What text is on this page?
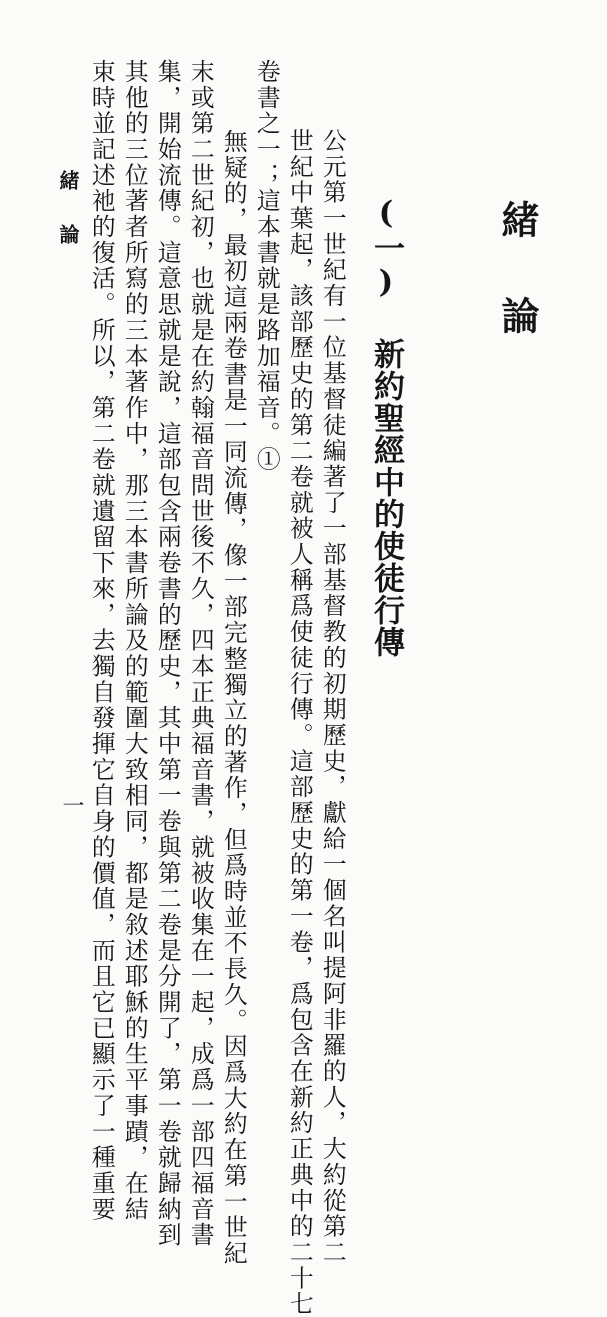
緒論
(一) 新約聖經中的使徒行傳
公元第一世紀有一位基督徒編著了一部基督教的初期歷史，獻給一個名叫提阿非羅的人，大約從第二
世紀中葉起，該部歷史的第二卷就被人稱爲使徒行傳。這部歷史的第一卷，爲包含在新約正典中的二十七
卷書之一；這本書就是路加福音。①
無疑的，最初這兩卷書是一同流傳，像一部完整獨立的著作，但爲時並不長久。因爲大約在第一世紀
末或第二世紀初，也就是在約翰福音問世後不久，四本正典福音書，就被收集在一起，成爲一部四福音書
集，開始流傳。這意思就是說，這部包含兩卷書的歷史，其中第一卷與第二卷是分開了，第一卷就歸納到
其他的三位著者所寫的三本著作中，那三本書所論及的範圍大致相同，都是敘述耶穌的生平事蹟，在結
束時並記述祂的復活。所以，第二卷就遺留下來，去獨自發揮它自身的價值，而且它已顯示了一種重要
緒論
一
